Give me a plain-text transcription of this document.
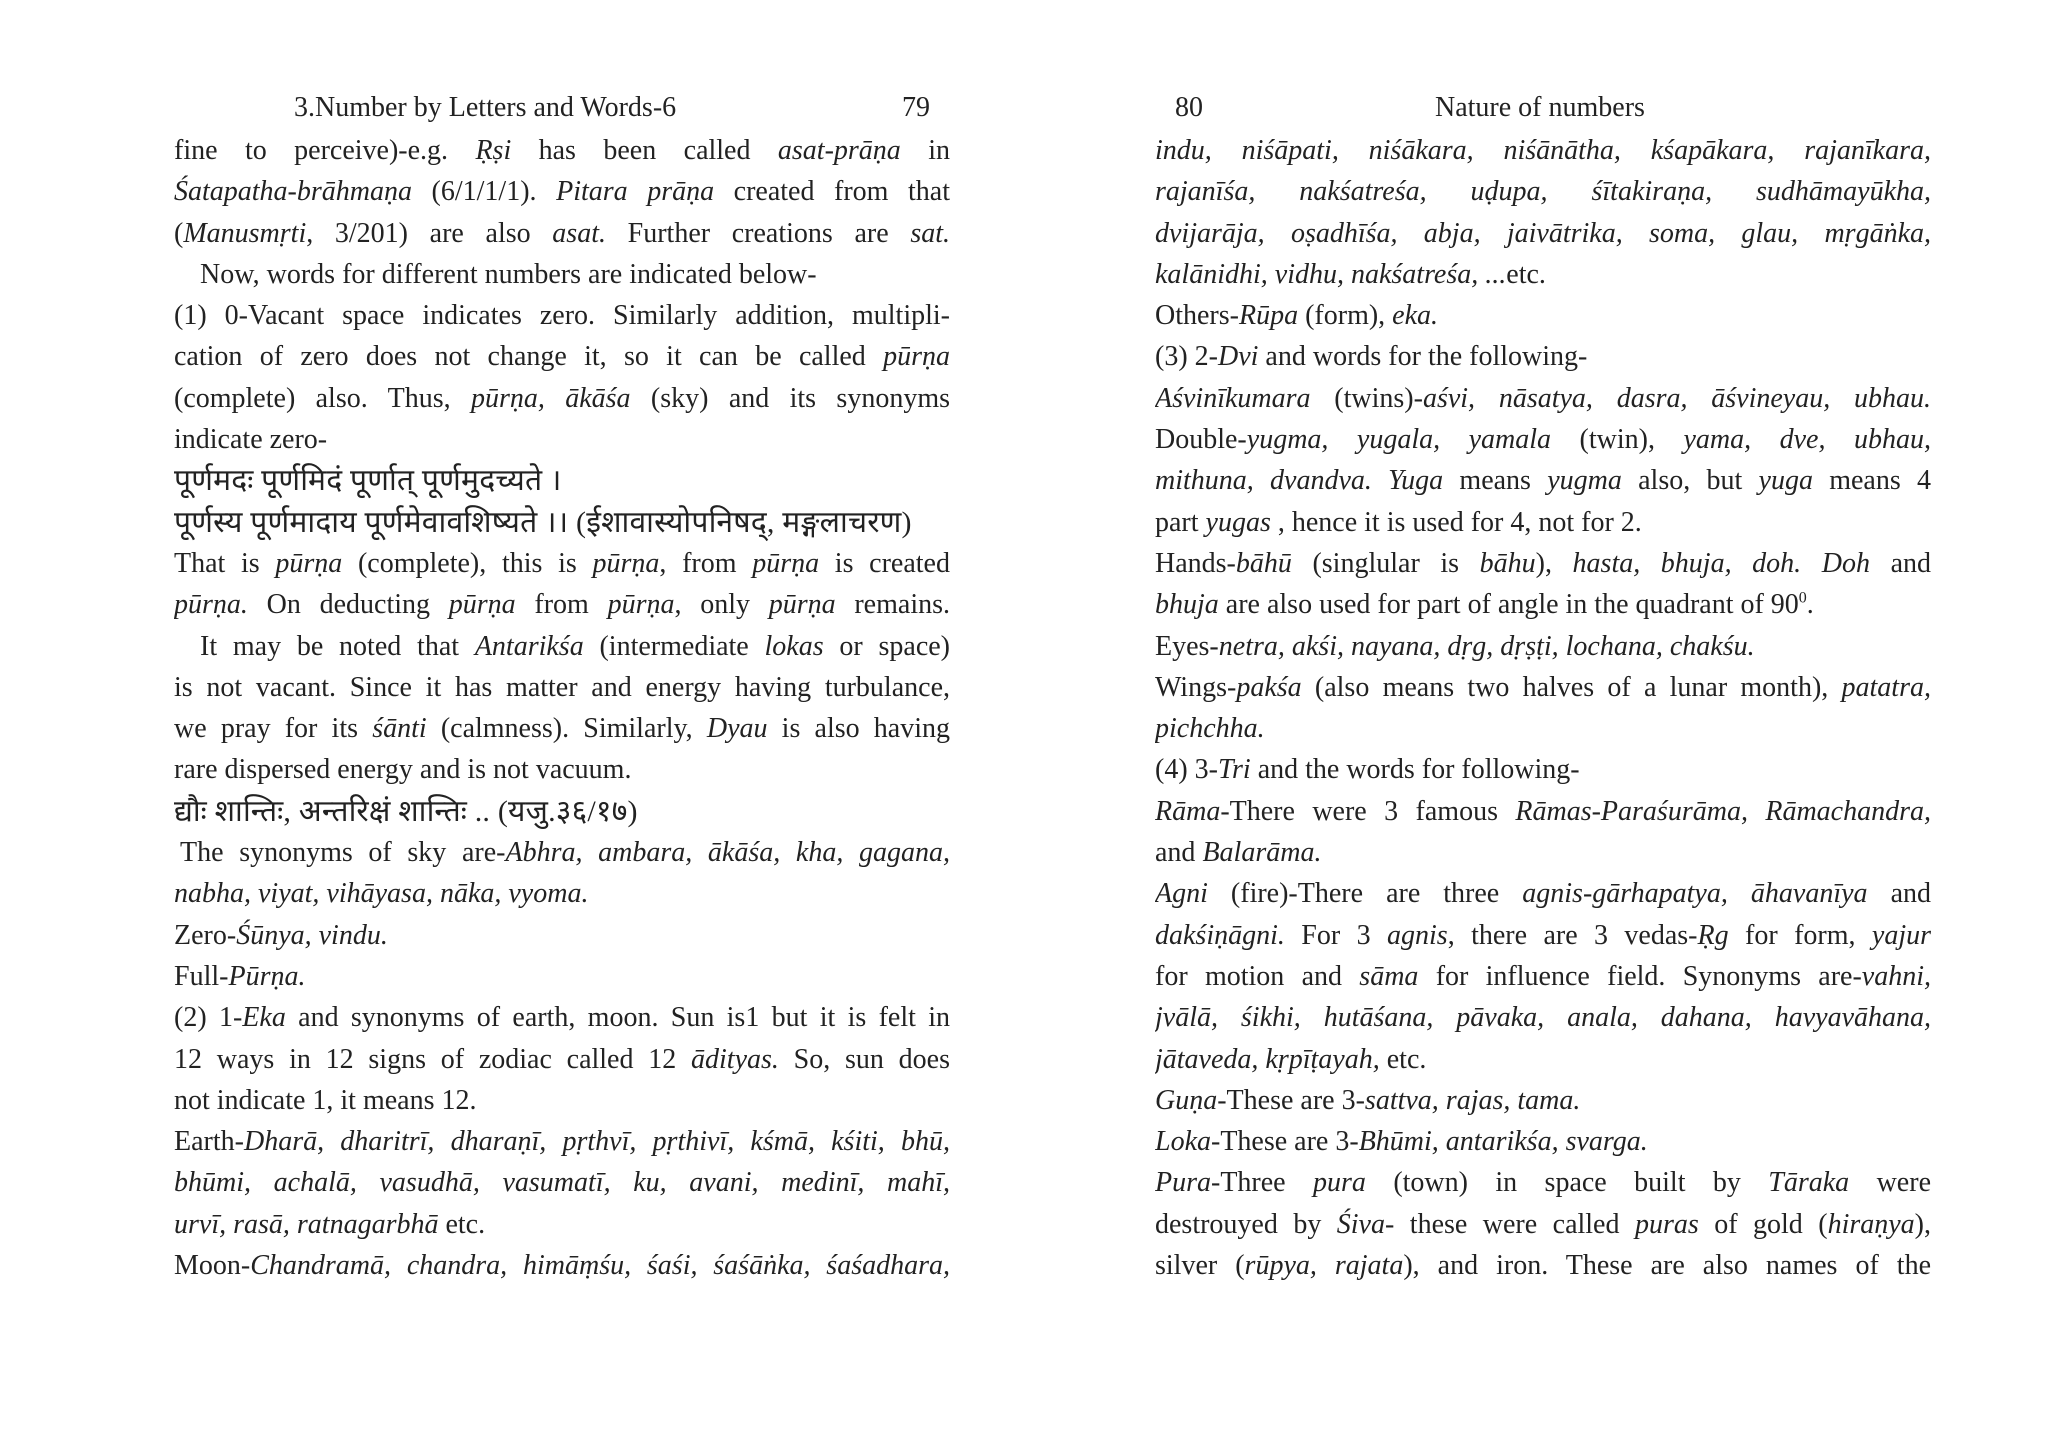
3.Number by Letters and Words-6	79
fine to perceive)-e.g. Ṛṣi has been called asat-prāṇa in
Śatapatha-brāhmaṇa (6/1/1/1). Pitara prāṇa created from that
(Manusmṛti, 3/201) are also asat. Further creations are sat.
Now, words for different numbers are indicated below-
(1) 0-Vacant space indicates zero. Similarly addition, multipli-
cation of zero does not change it, so it can be called pūrṇa
(complete) also. Thus, pūrṇa, ākāśa (sky) and its synonyms
indicate zero-
पूर्णमदः पूर्णमिदं पूर्णात् पूर्णमुदच्यते ।
पूर्णस्य पूर्णमादाय पूर्णमेवावशिष्यते ।। (ईशावास्योपनिषद्, मङ्गलाचरण)
That is pūrṇa (complete), this is pūrṇa, from pūrṇa is created
pūrṇa. On deducting pūrṇa from pūrṇa, only pūrṇa remains.
It may be noted that Antarikśa (intermediate lokas or space)
is not vacant. Since it has matter and energy having turbulance,
we pray for its śānti (calmness). Similarly, Dyau is also having
rare dispersed energy and is not vacuum.
द्यौः शान्तिः, अन्तरिक्षं शान्तिः .. (यजु.३६/१७)
The synonyms of sky are-Abhra, ambara, ākāśa, kha, gagana,
nabha, viyat, vihāyasa, nāka, vyoma.
Zero-Śūnya, vindu.
Full-Pūrṇa.
(2) 1-Eka and synonyms of earth, moon. Sun is1 but it is felt in
12 ways in 12 signs of zodiac called 12 ādityas. So, sun does
not indicate 1, it means 12.
Earth-Dharā, dharitrī, dharaṇī, pṛthvī, pṛthivī, kśmā, kśiti, bhū,
bhūmi, achalā, vasudhā, vasumatī, ku, avani, medinī, mahī,
urvī, rasā, ratnagarbhā etc.
Moon-Chandramā, chandra, himāṃśu, śaśi, śaśāṅka, śaśadhara,
80	Nature of numbers
indu, niśāpati, niśākara, niśānātha, kśapākara, rajanīkara,
rajanīśa, nakśatreśa, uḍupa, śītakiraṇa, sudhāmayūkha,
dvijarāja, oṣadhīśa, abja, jaivātrika, soma, glau, mṛgāṅka,
kalānidhi, vidhu, nakśatreśa, ...etc.
Others-Rūpa (form), eka.
(3) 2-Dvi and words for the following-
Aśvinīkumara (twins)-aśvi, nāsatya, dasra, āśvineyau, ubhau.
Double-yugma, yugala, yamala (twin), yama, dve, ubhau,
mithuna, dvandva. Yuga means yugma also, but yuga means 4
part yugas , hence it is used for 4, not for 2.
Hands-bāhū (singlular is bāhu), hasta, bhuja, doh. Doh and
bhuja are also used for part of angle in the quadrant of $90^0$.
Eyes-netra, akśi, nayana, dṛg, dṛṣṭi, lochana, chakśu.
Wings-pakśa (also means two halves of a lunar month), patatra,
pichchha.
(4) 3-Tri and the words for following-
Rāma-There were 3 famous Rāmas-Paraśurāma, Rāmachandra,
and Balarāma.
Agni (fire)-There are three agnis-gārhapatya, āhavanīya and
dakśiṇāgni. For 3 agnis, there are 3 vedas-Ṛg for form, yajur
for motion and sāma for influence field. Synonyms are-vahni,
jvālā, śikhi, hutāśana, pāvaka, anala, dahana, havyavāhana,
jātaveda, kṛpīṭayah, etc.
Guṇa-These are 3-sattva, rajas, tama.
Loka-These are 3-Bhūmi, antarikśa, svarga.
Pura-Three pura (town) in space built by Tāraka were
destrouyed by Śiva- these were called puras of gold (hiraṇya),
silver (rūpya, rajata), and iron. These are also names of the
